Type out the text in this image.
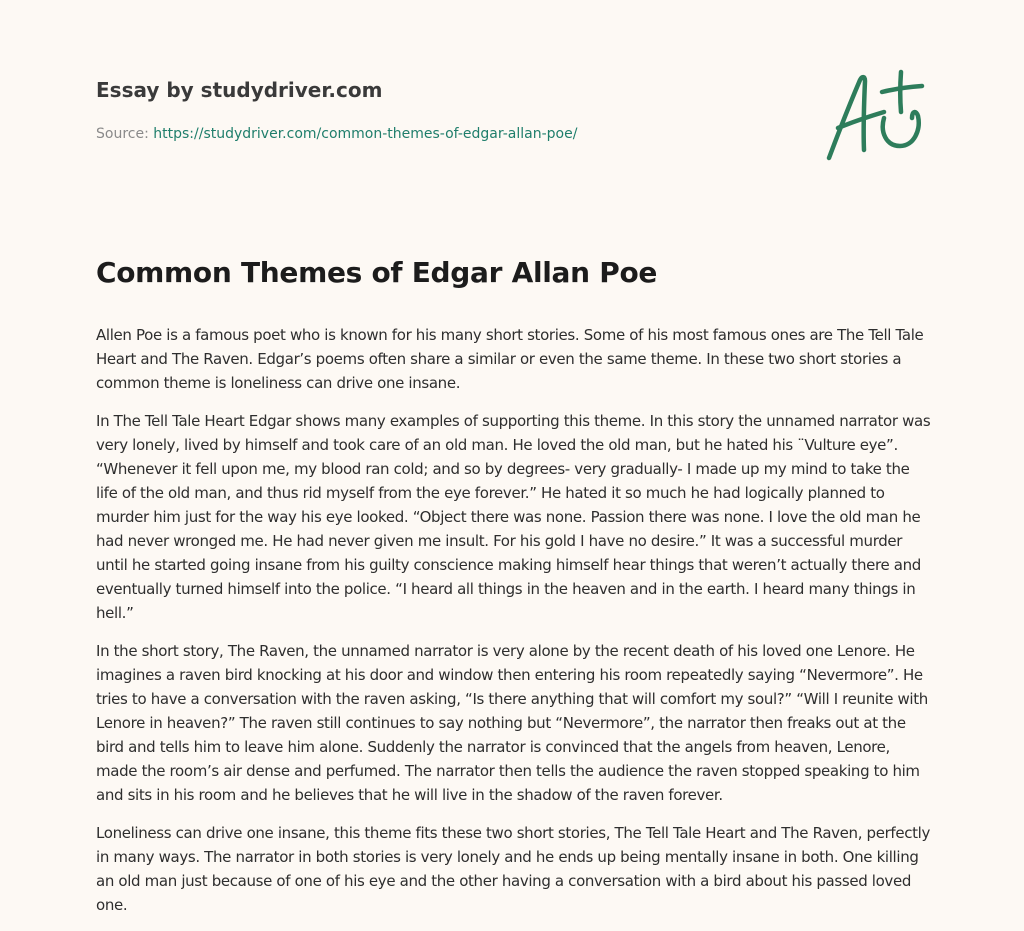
Essay by studydriver.com
Source: https://studydriver.com/common-themes-of-edgar-allan-poe/
Common Themes of Edgar Allan Poe

Allen Poe is a famous poet who is known for his many short stories. Some of his most famous ones are The Tell Tale Heart and The Raven. Edgar’s poems often share a similar or even the same theme. In these two short stories a common theme is loneliness can drive one insane.

In The Tell Tale Heart Edgar shows many examples of supporting this theme. In this story the unnamed narrator was very lonely, lived by himself and took care of an old man. He loved the old man, but he hated his ¨Vulture eye”. “Whenever it fell upon me, my blood ran cold; and so by degrees- very gradually- I made up my mind to take the life of the old man, and thus rid myself from the eye forever.” He hated it so much he had logically planned to murder him just for the way his eye looked. “Object there was none. Passion there was none. I love the old man he had never wronged me. He had never given me insult. For his gold I have no desire.” It was a successful murder until he started going insane from his guilty conscience making himself hear things that weren’t actually there and eventually turned himself into the police. “I heard all things in the heaven and in the earth. I heard many things in hell.”

In the short story, The Raven, the unnamed narrator is very alone by the recent death of his loved one Lenore. He imagines a raven bird knocking at his door and window then entering his room repeatedly saying “Nevermore”. He tries to have a conversation with the raven asking, “Is there anything that will comfort my soul?” “Will I reunite with Lenore in heaven?” The raven still continues to say nothing but “Nevermore”, the narrator then freaks out at the bird and tells him to leave him alone. Suddenly the narrator is convinced that the angels from heaven, Lenore, made the room’s air dense and perfumed. The narrator then tells the audience the raven stopped speaking to him and sits in his room and he believes that he will live in the shadow of the raven forever.

Loneliness can drive one insane, this theme fits these two short stories, The Tell Tale Heart and The Raven, perfectly in many ways. The narrator in both stories is very lonely and he ends up being mentally insane in both. One killing an old man just because of one of his eye and the other having a conversation with a bird about his passed loved one.
